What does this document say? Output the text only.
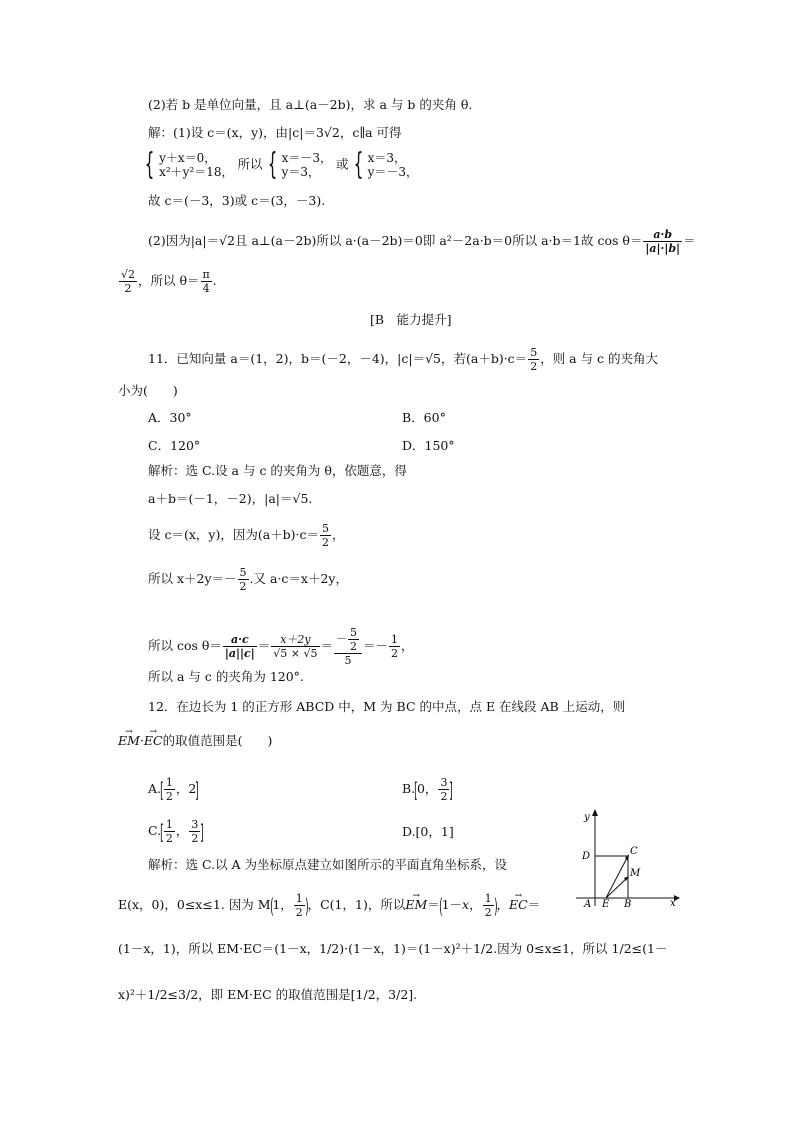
(2)若 b 是单位向量，且 a⊥(a－2b)，求 a 与 b 的夹角 θ.
解：(1)设 c＝(x，y)，由|c|＝3√2，c∥a 可得
{ y＋x＝0，
x²＋y²＝18，
所以 { x＝－3，
y＝3，
或 { x＝3，
y＝－3，
故 c＝(－3，3)或 c＝(3，－3).
(2)因为|a|＝√2且 a⊥(a－2b)所以 a·(a－2b)＝0即 a²－2a·b＝0所以 a·b＝1故 $\cos \theta= \frac{a\cdot b}{|a|\cdot|b|}$ ＝
$\frac{√2}{2}$ ，所以 $\theta= \frac{\pi}{4}$ .
[B　能力提升]
11．已知向量 a＝(1，2)，b＝(－2，－4)，|c|＝√5，若$(a+b)\cdot c= \frac{5}{2}$ ，则 a 与 c 的夹角大
小为(　　)
A．30°	B．60°
C．120°	D．150°
解析：选 C.设 a 与 c 的夹角为 θ，依题意，得
a＋b＝(－1，－2)，|a|＝√5.
设 c＝(x，y)，因为$(a+b)\cdot c= \frac{5}{2}$ ，
所以 $x+2y=- \frac{5}{2}$ .又 a·c＝x＋2y，
所以 $\cos \theta= \frac{a\cdot c}{|a||c|} = \frac{x+2y}{√5 \times √5} = \frac{- \frac{5}{2}}{5} =- \frac{1}{2}$ ，
所以 a 与 c 的夹角为 120°.
12．在边长为 1 的正方形 ABCD 中，M 为 BC 的中点，点 E 在线段 AB 上运动，则
→ EM·→ EC的取值范围是(　　)
$A.[ \frac{1}{2}$ ，2]	B.[0， $\frac{3}{2}$ ]
$C.[ \frac{1}{2}$ ， $\frac{3}{2}$ ]	D.[0，1]
解析：选 C.以 A 为坐标原点建立如图所示的平面直角坐标系，设
E(x，0)，0≤x≤1. 因为 M(1， $\frac{1}{2}$ )，C(1，1)，所以→ EM＝(1－x， $\frac{1}{2}$ )，→ EC＝
(1－x，1)，所以 EM·EC＝(1－x，1/2)·(1－x，1)＝(1－x)²＋1/2.因为 0≤x≤1，所以 1/2≤(1－
x)²＋1/2≤3/2，即 EM·EC 的取值范围是[1/2，3/2].
y
x
D	C
M
A E B
